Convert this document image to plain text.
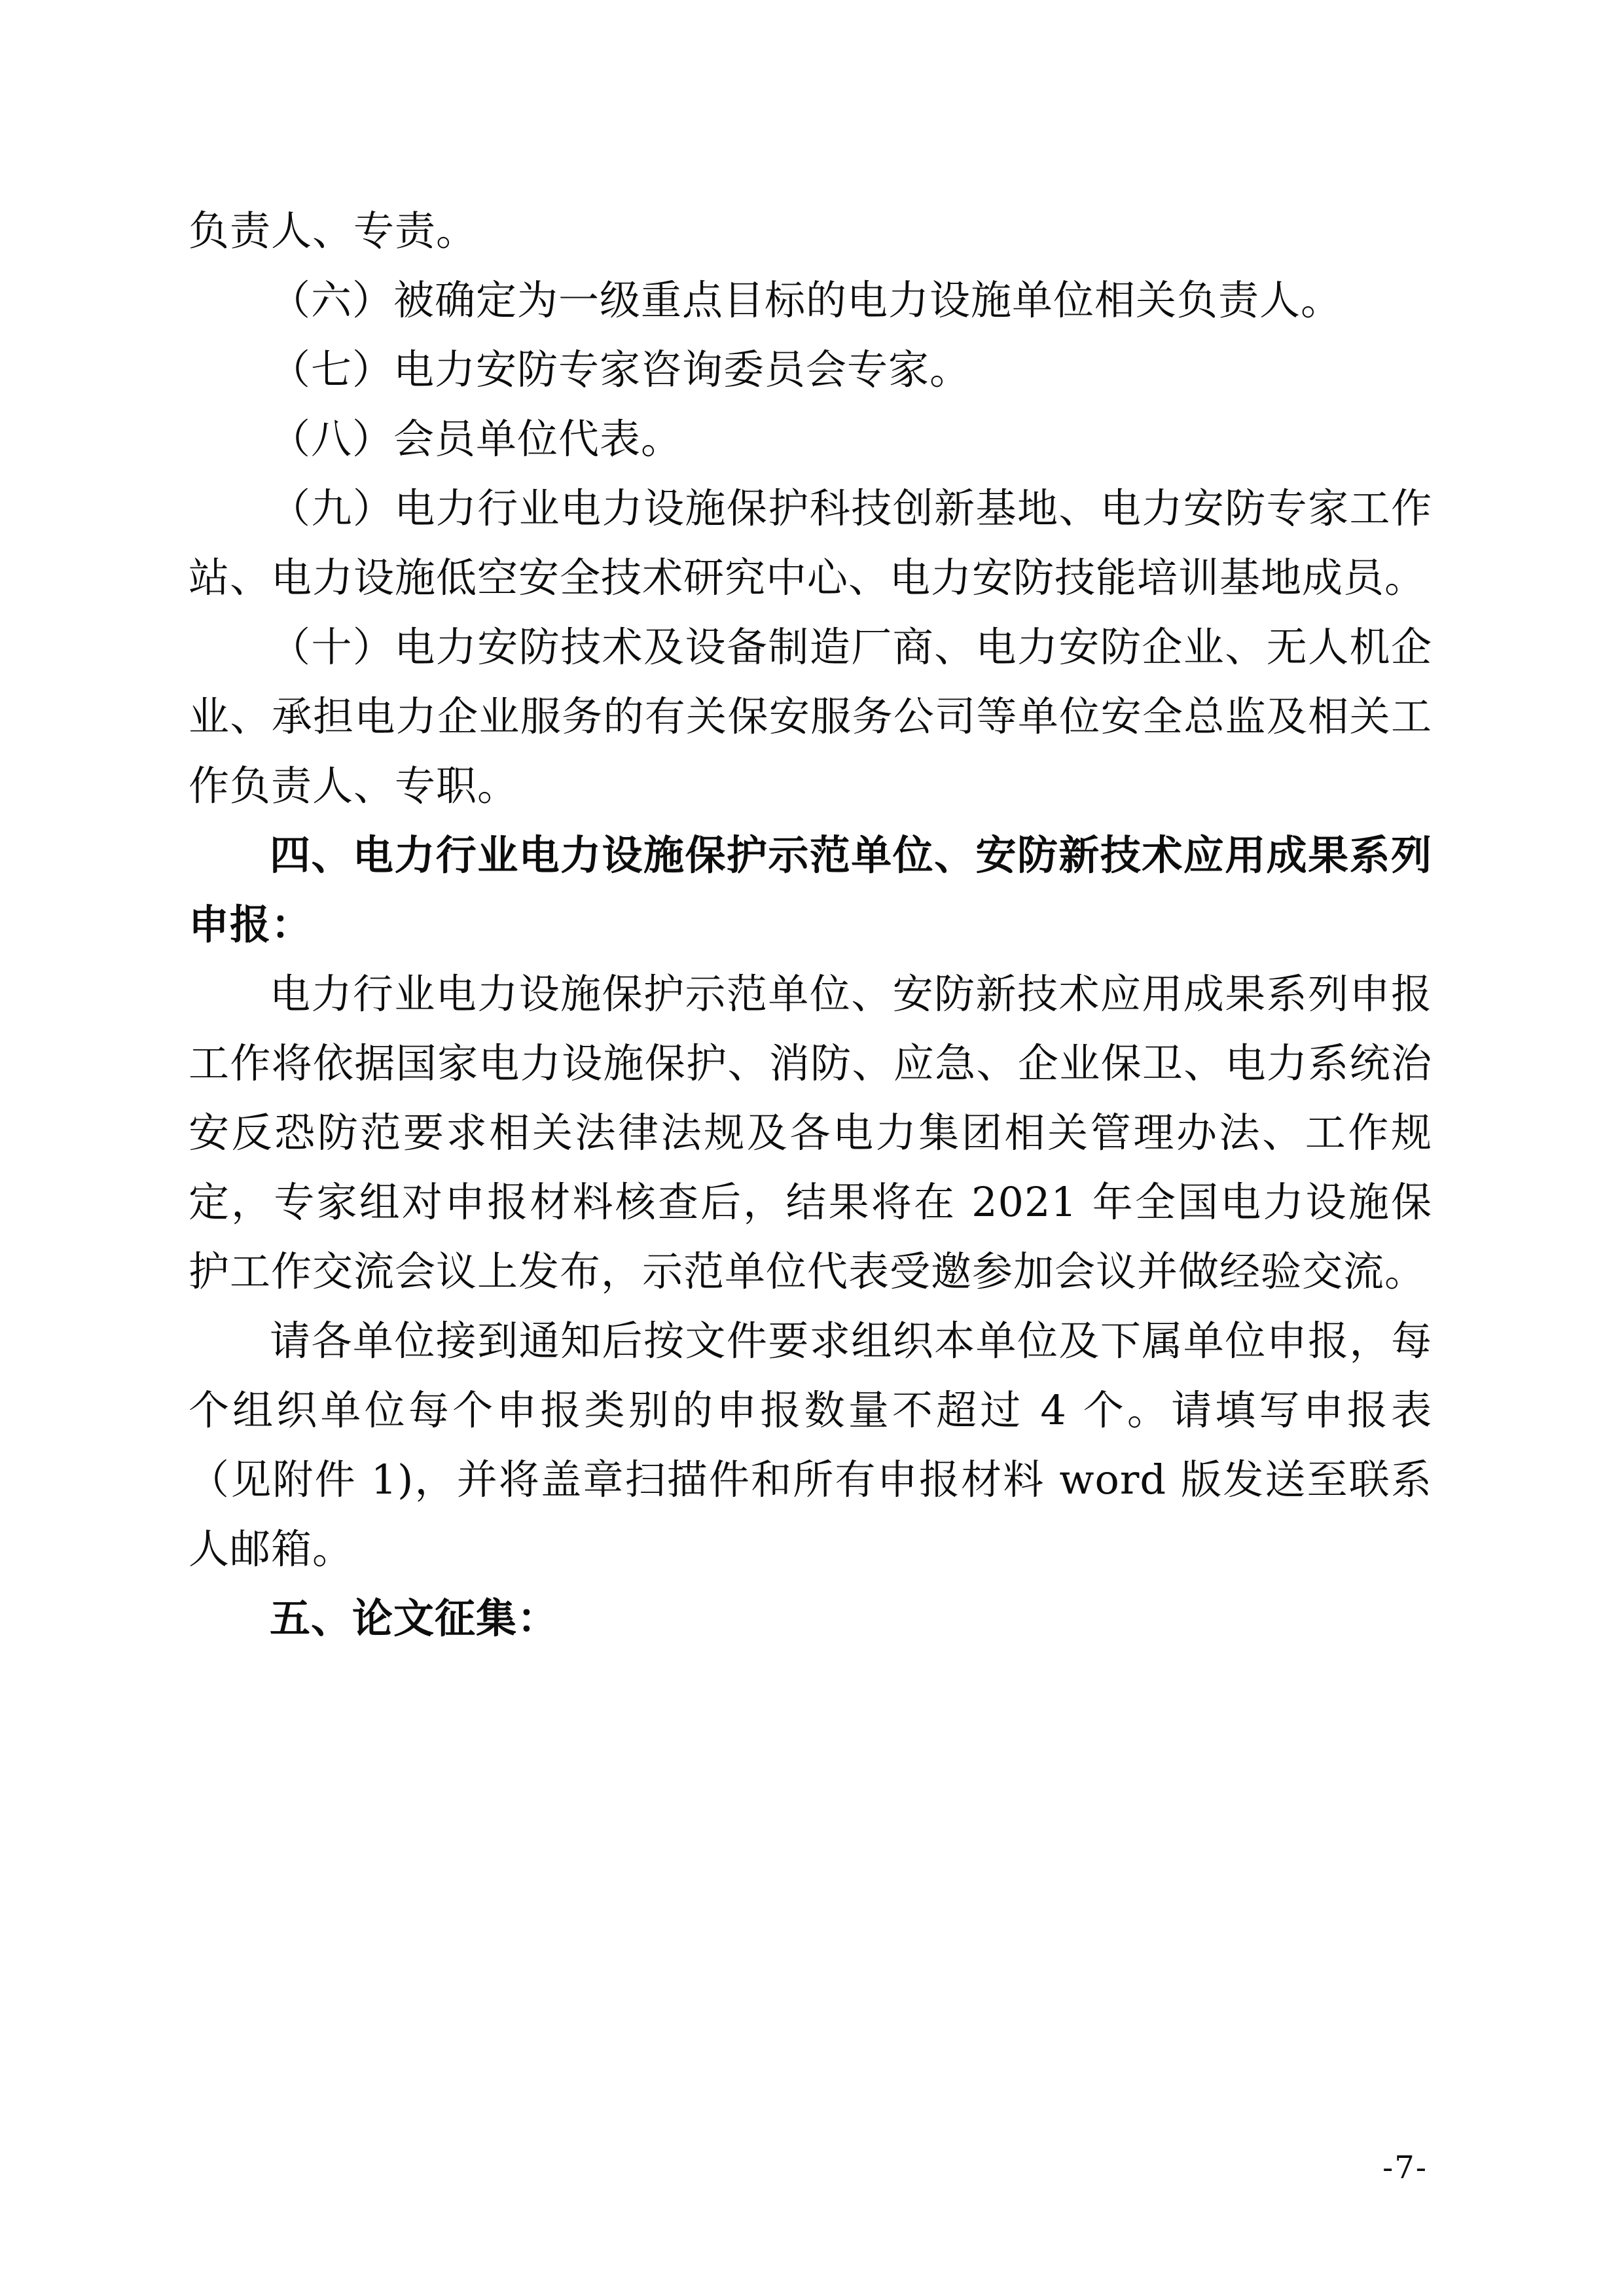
负责人、专责。

（六）被确定为一级重点目标的电力设施单位相关负责人。

（七）电力安防专家咨询委员会专家。

（八）会员单位代表。

（九）电力行业电力设施保护科技创新基地、电力安防专家工作站、电力设施低空安全技术研究中心、电力安防技能培训基地成员。

（十）电力安防技术及设备制造厂商、电力安防企业、无人机企业、承担电力企业服务的有关保安服务公司等单位安全总监及相关工作负责人、专职。

四、电力行业电力设施保护示范单位、安防新技术应用成果系列申报：

电力行业电力设施保护示范单位、安防新技术应用成果系列申报工作将依据国家电力设施保护、消防、应急、企业保卫、电力系统治安反恐防范要求相关法律法规及各电力集团相关管理办法、工作规定，专家组对申报材料核查后，结果将在 2021 年全国电力设施保护工作交流会议上发布，示范单位代表受邀参加会议并做经验交流。

请各单位接到通知后按文件要求组织本单位及下属单位申报，每个组织单位每个申报类别的申报数量不超过 4 个。请填写申报表（见附件 1)，并将盖章扫描件和所有申报材料 word 版发送至联系人邮箱。

五、论文征集：

-7-
